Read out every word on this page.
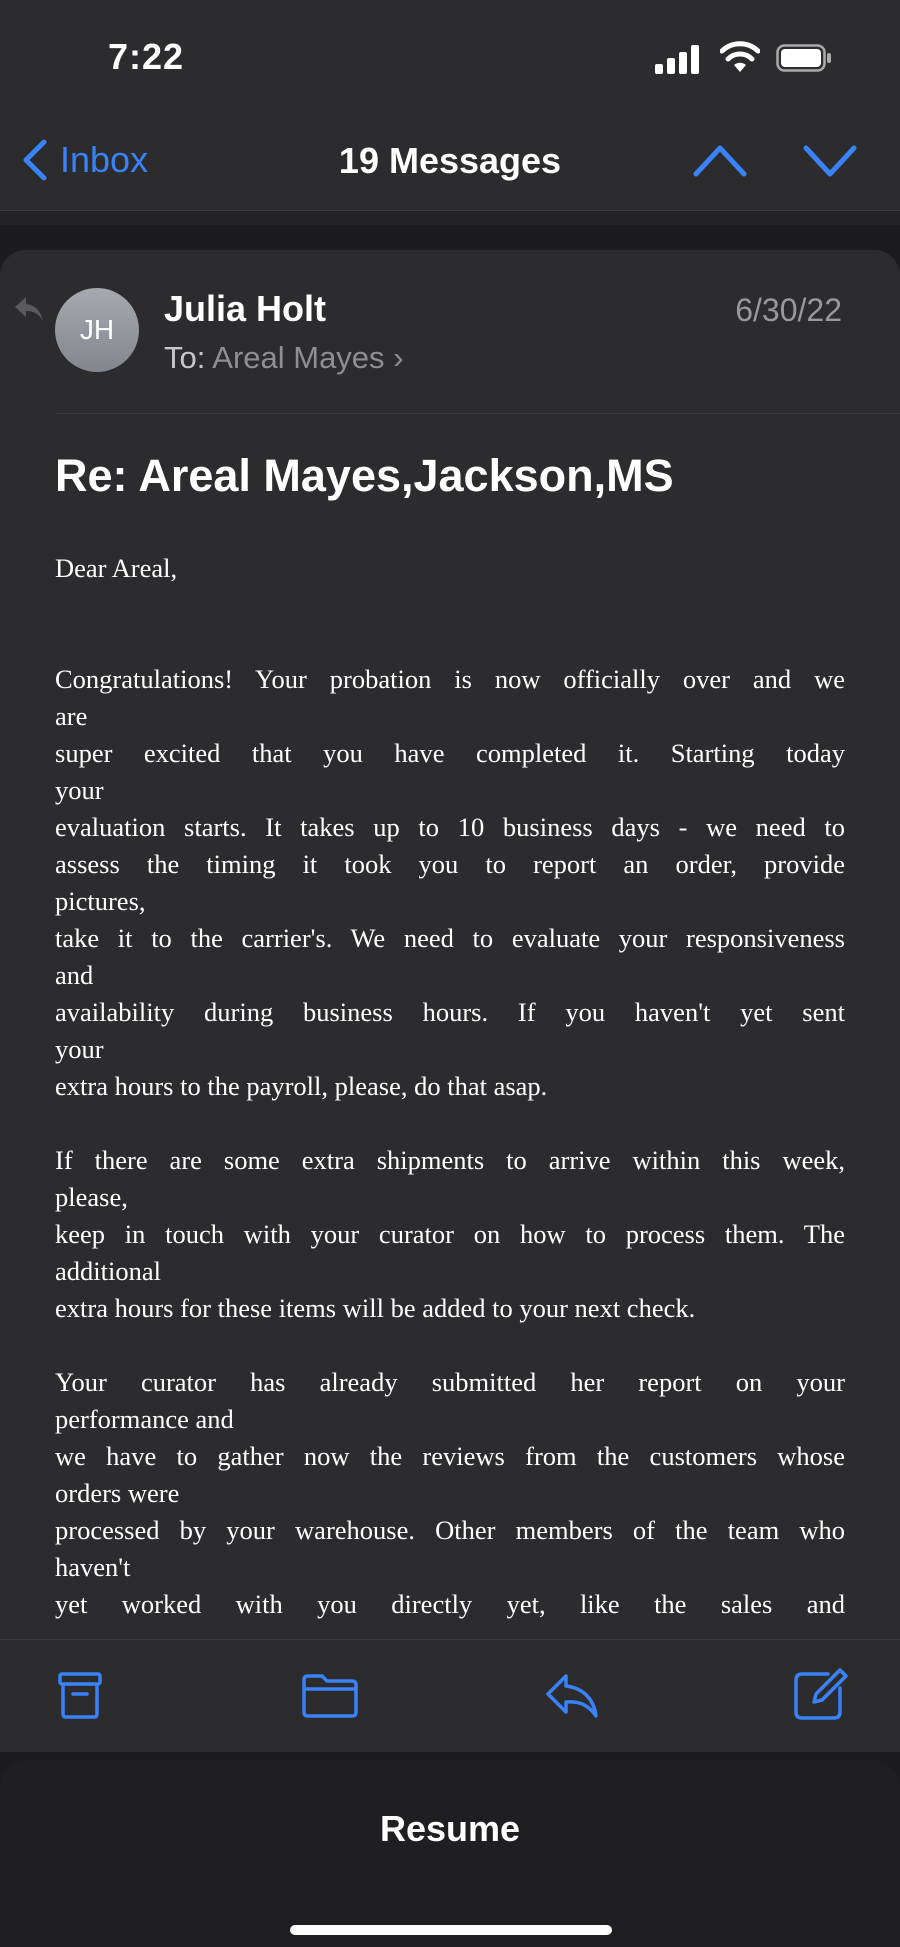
7:22
Inbox	19 Messages
JH
Julia Holt
To: Areal Mayes ›
6/30/22
Re: Areal Mayes,Jackson,MS

Dear Areal,

Congratulations! Your probation is now officially over and we

are

super excited that you have completed it. Starting today

your

evaluation starts. It takes up to 10 business days - we need to

assess the timing it took you to report an order, provide

pictures,

take it to the carrier's. We need to evaluate your responsiveness

and

availability during business hours. If you haven't yet sent

your

extra hours to the payroll, please, do that asap.

If there are some extra shipments to arrive within this week,

please,

keep in touch with your curator on how to process them. The

additional

extra hours for these items will be added to your next check.

Your curator has already submitted her report on your

performance and

we have to gather now the reviews from the customers whose

orders were

processed by your warehouse. Other members of the team who

haven't

yet worked with you directly yet, like the sales and

Resume
